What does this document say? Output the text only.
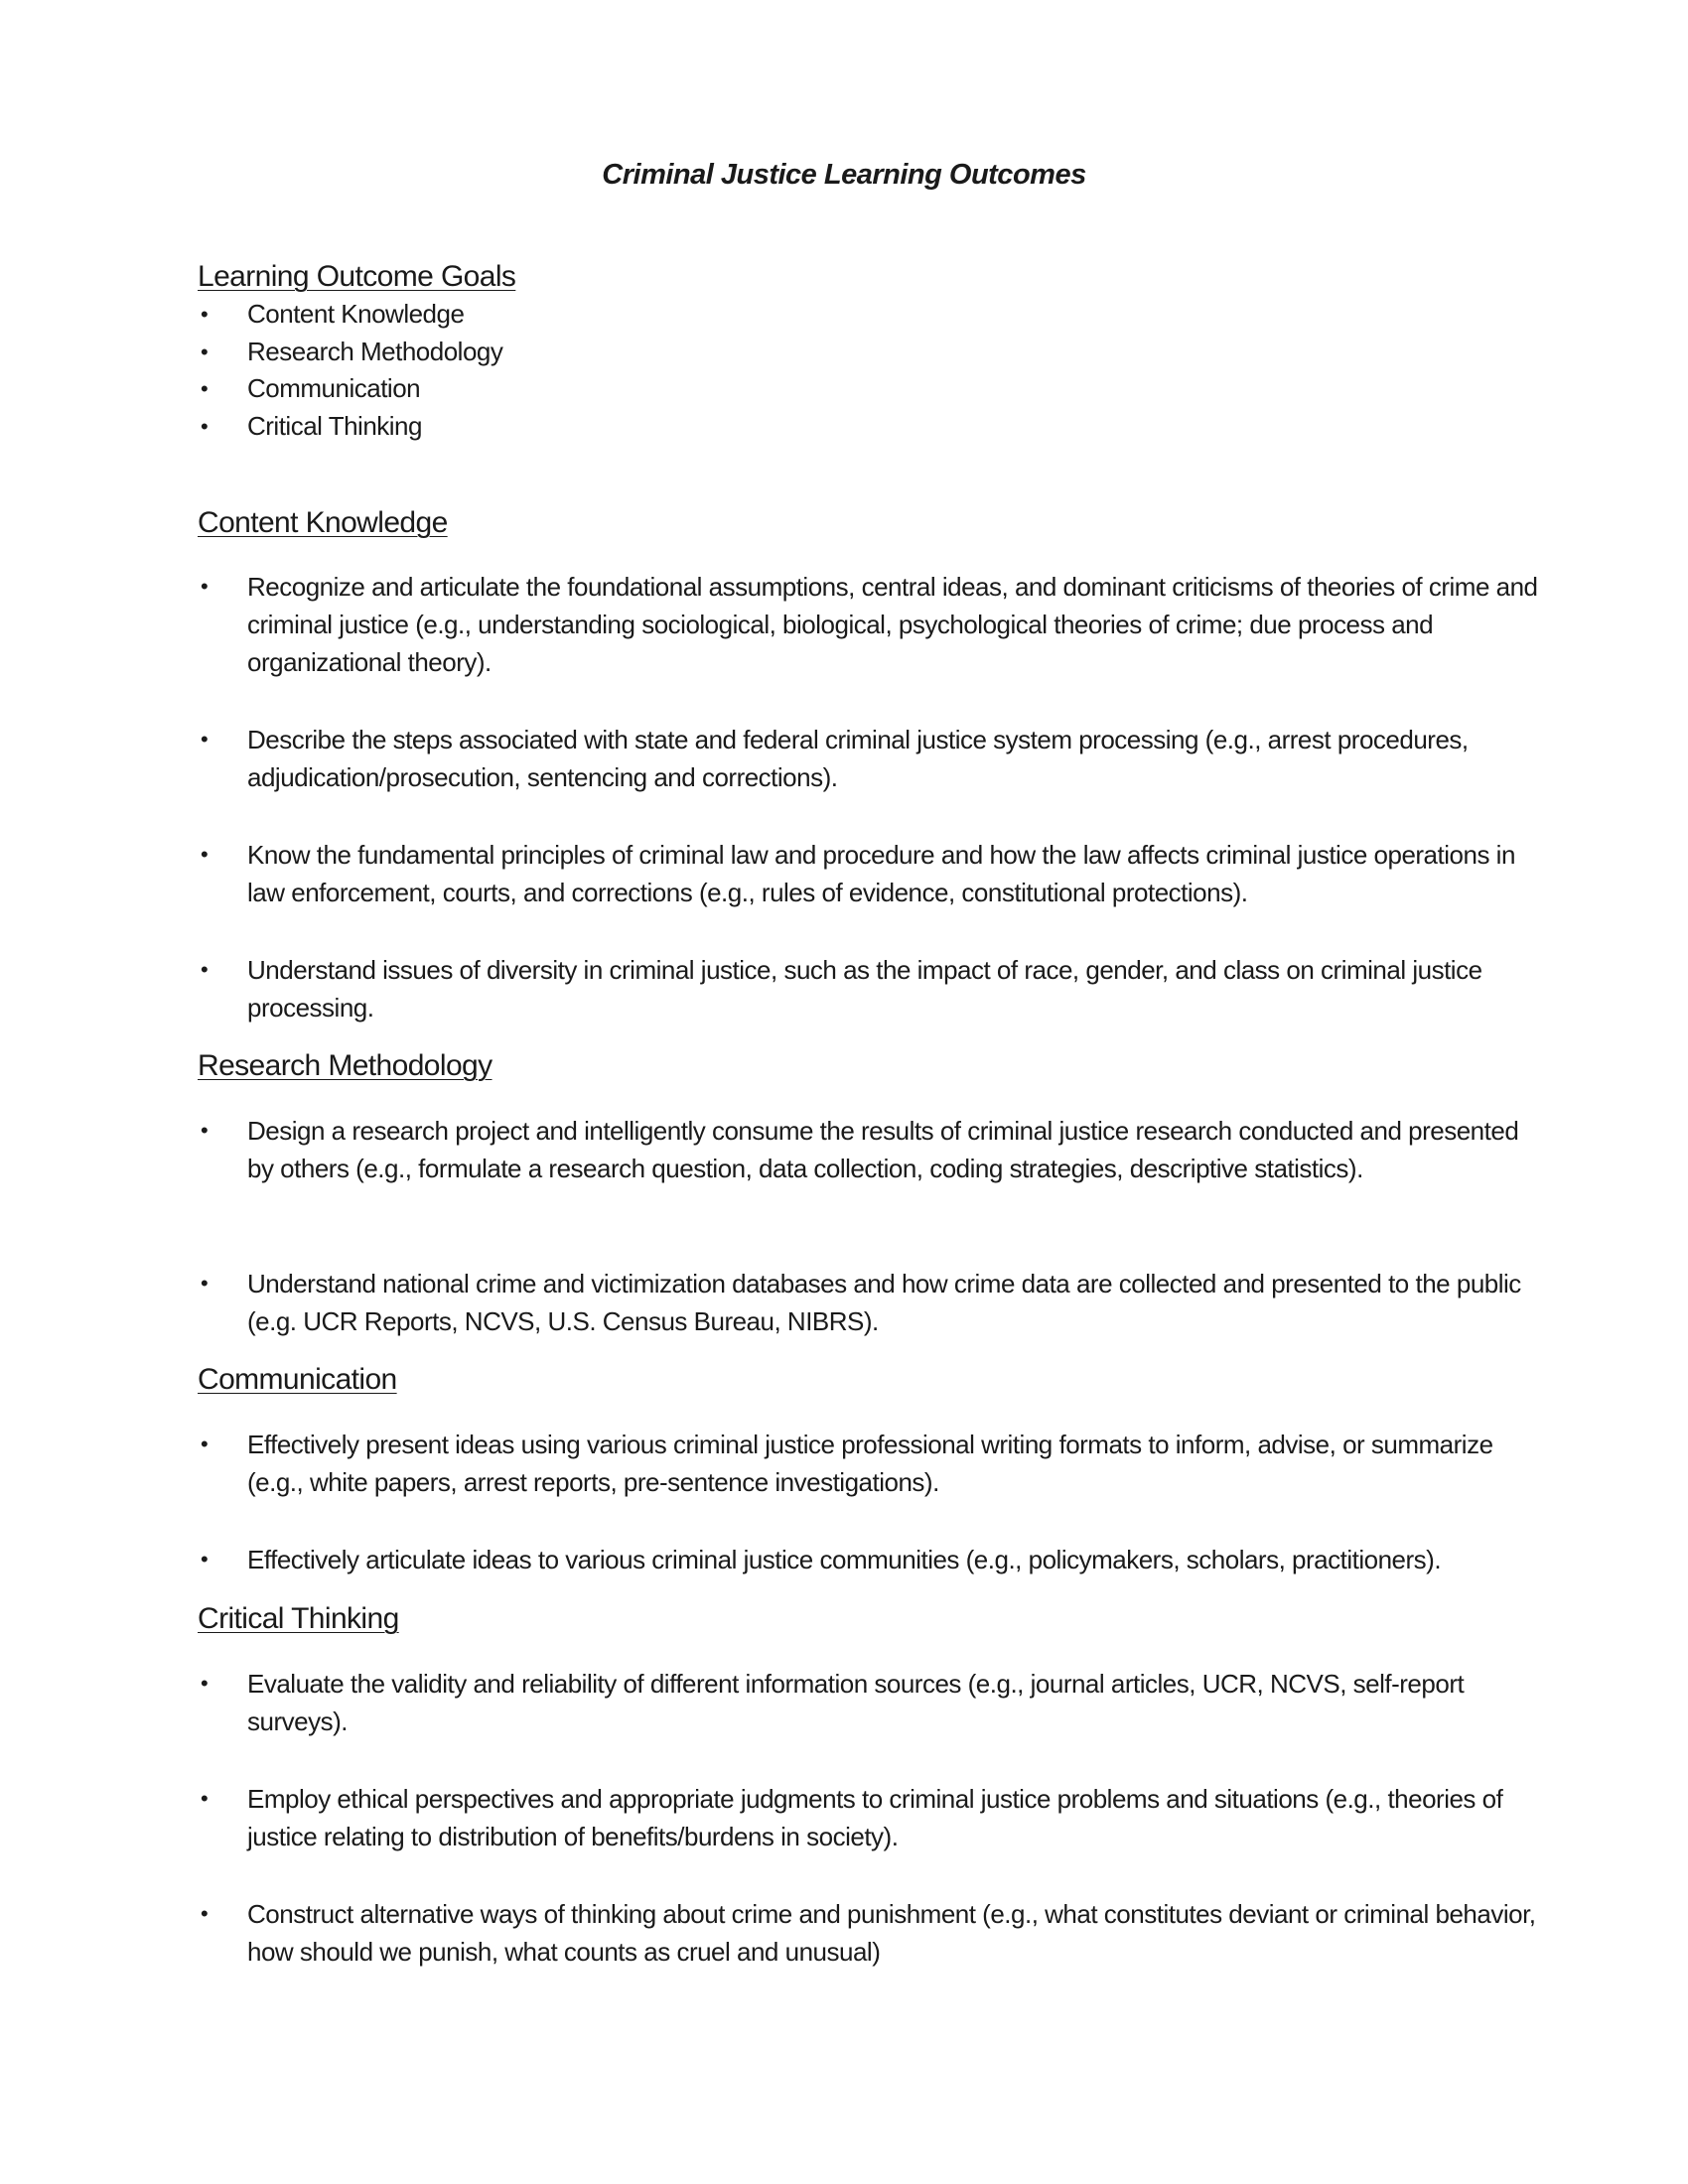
Criminal Justice Learning Outcomes
Learning Outcome Goals
• Content Knowledge
• Research Methodology
• Communication
• Critical Thinking
Content Knowledge
• Recognize and articulate the foundational assumptions, central ideas, and dominant criticisms of theories of crime and criminal justice (e.g., understanding sociological, biological, psychological theories of crime; due process and organizational theory).
• Describe the steps associated with state and federal criminal justice system processing (e.g., arrest procedures, adjudication/prosecution, sentencing and corrections).
• Know the fundamental principles of criminal law and procedure and how the law affects criminal justice operations in law enforcement, courts, and corrections (e.g., rules of evidence, constitutional protections).
• Understand issues of diversity in criminal justice, such as the impact of race, gender, and class on criminal justice processing.
Research Methodology
• Design a research project and intelligently consume the results of criminal justice research conducted and presented by others (e.g., formulate a research question, data collection, coding strategies, descriptive statistics).
• Understand national crime and victimization databases and how crime data are collected and presented to the public (e.g. UCR Reports, NCVS, U.S. Census Bureau, NIBRS).
Communication
• Effectively present ideas using various criminal justice professional writing formats to inform, advise, or summarize (e.g., white papers, arrest reports, pre-sentence investigations).
• Effectively articulate ideas to various criminal justice communities (e.g., policymakers, scholars, practitioners).
Critical Thinking
• Evaluate the validity and reliability of different information sources (e.g., journal articles, UCR, NCVS, self-report surveys).
• Employ ethical perspectives and appropriate judgments to criminal justice problems and situations (e.g., theories of justice relating to distribution of benefits/burdens in society).
• Construct alternative ways of thinking about crime and punishment (e.g., what constitutes deviant or criminal behavior, how should we punish, what counts as cruel and unusual)
